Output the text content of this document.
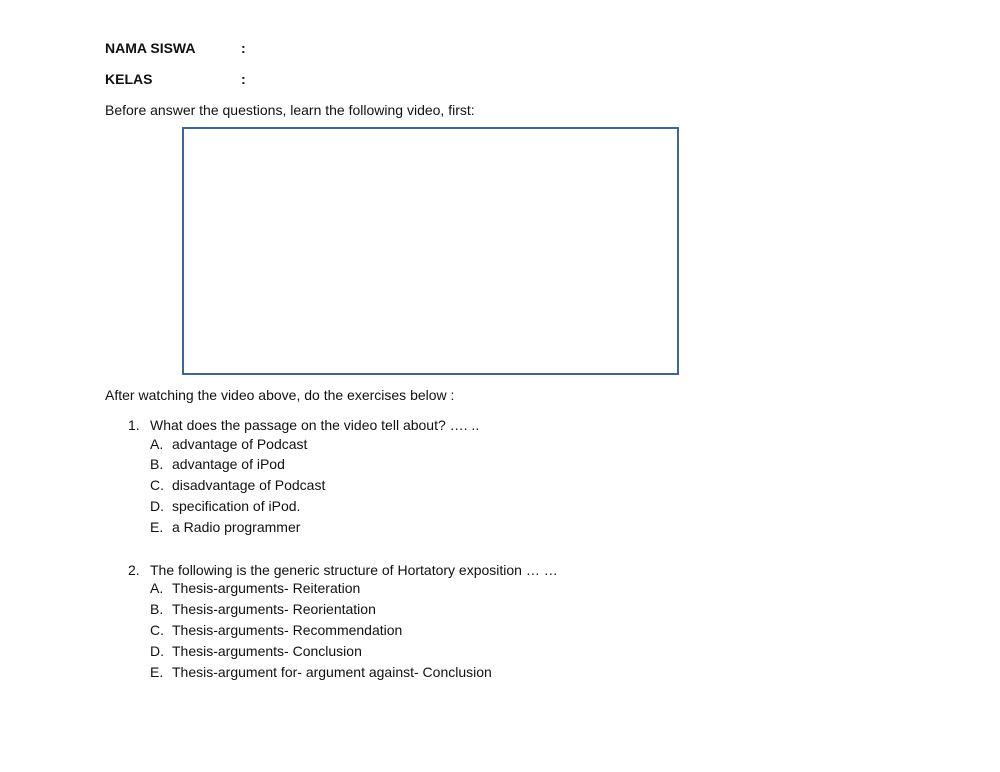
NAMA SISWA	:
KELAS	:
Before answer the questions, learn the following video, first:
After watching the video above, do the exercises below :
1. What does the passage on the video tell about? …. ..
A. advantage of Podcast
B. advantage of iPod
C. disadvantage of Podcast
D. specification of iPod.
E. a Radio programmer
2. The following is the generic structure of Hortatory exposition … …
A. Thesis-arguments- Reiteration
B. Thesis-arguments- Reorientation
C. Thesis-arguments- Recommendation
D. Thesis-arguments- Conclusion
E. Thesis-argument for- argument against- Conclusion
